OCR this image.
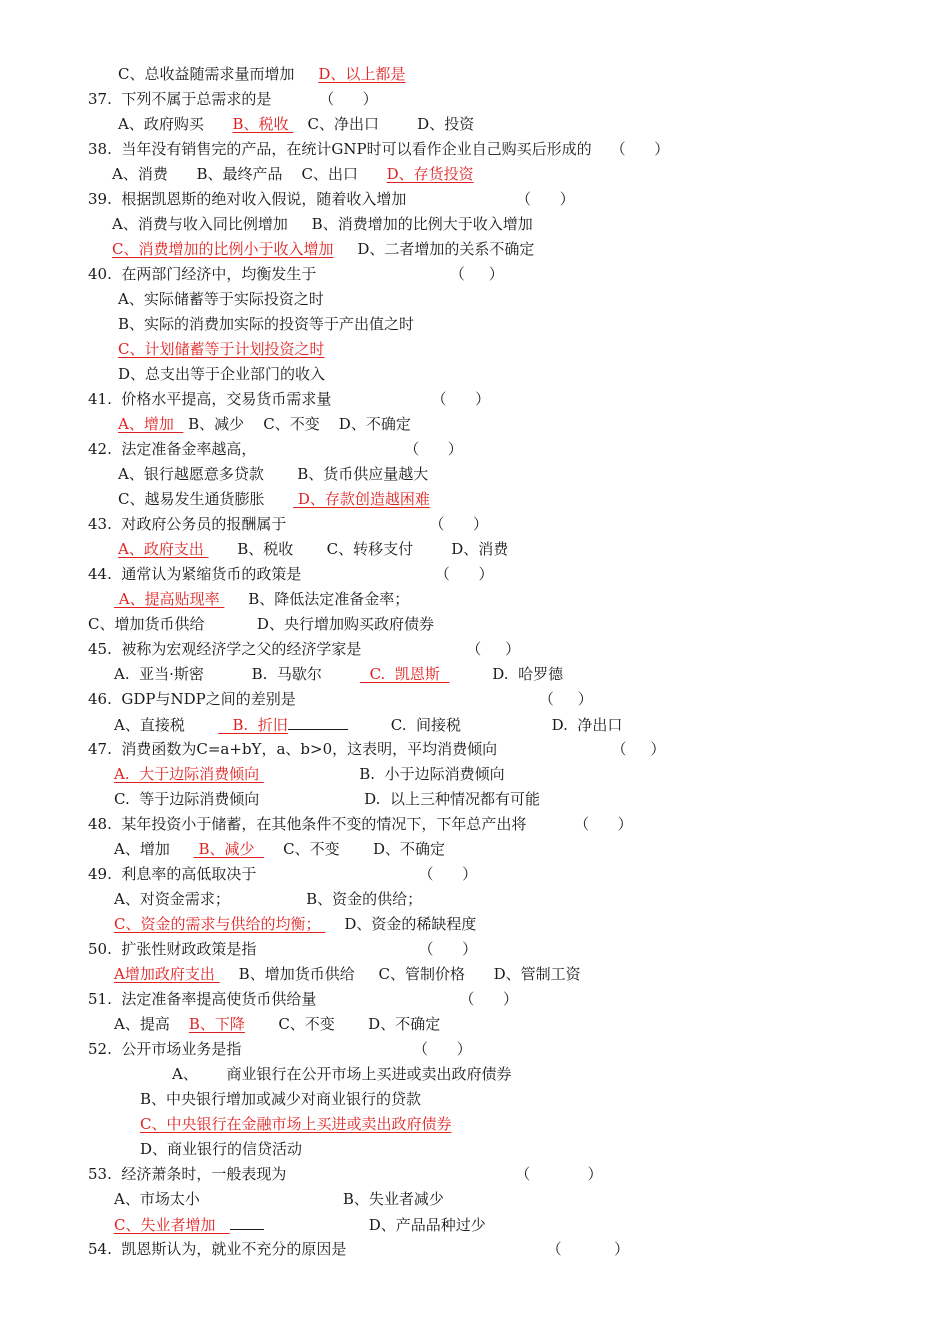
C、总收益随需求量而增加     D、以上都是
37.  下列不属于总需求的是          （      ）
A、政府购买      B、税收    C、净出口        D、投资
38.  当年没有销售完的产品，在统计GNP时可以看作企业自己购买后形成的    （      ）
A、消费      B、最终产品    C、出口      D、存货投资
39.  根据凯恩斯的绝对收入假说，随着收入增加                       （      ）
A、消费与收入同比例增加     B、消费增加的比例大于收入增加
C、消费增加的比例小于收入增加     D、二者增加的关系不确定
40.  在两部门经济中，均衡发生于                            （     ）
A、实际储蓄等于实际投资之时
B、实际的消费加实际的投资等于产出值之时
C、计划储蓄等于计划投资之时
D、总支出等于企业部门的收入
41.  价格水平提高，交易货币需求量                     （      ）
A、增加   B、减少    C、不变    D、不确定
42.  法定准备金率越高，                               （      ）
A、银行越愿意多贷款       B、货币供应量越大
C、越易发生通货膨胀       D、存款创造越困难
43.  对政府公务员的报酬属于                              （      ）
A、政府支出       B、税收       C、转移支付        D、消费
44.  通常认为紧缩货币的政策是                            （      ）
A、提高贴现率      B、降低法定准备金率；
C、增加货币供给           D、央行增加购买政府债券
45.  被称为宏观经济学之父的经济学家是                      （     ）
A.  亚当·斯密          B.  马歇尔          C.  凯恩斯           D.  哈罗德
46.  GDP与NDP之间的差别是                                                   （     ）
A、直接税          B.  折旧	C.  间接税                   D.  净出口
47.  消费函数为C=a+bY，a、b>0，这表明，平均消费倾向                        （     ）
A.  大于边际消费倾向                     B.  小于边际消费倾向
C.  等于边际消费倾向                      D.  以上三种情况都有可能
48.  某年投资小于储蓄，在其他条件不变的情况下，下年总产出将          （      ）
A、增加      B、减少      C、不变       D、不确定
49.  利息率的高低取决于                                  （      ）
A、对资金需求；                B、资金的供给；
C、资金的需求与供给的均衡；     D、资金的稀缺程度
50.  扩张性财政政策是指                                  （      ）
A增加政府支出     B、增加货币供给     C、管制价格      D、管制工资
51.  法定准备率提高使货币供给量                              （      ）
A、提高    B、下降       C、不变       D、不确定
52.  公开市场业务是指                                    （      ）
A、      商业银行在公开市场上买进或卖出政府债券
B、中央银行增加或减少对商业银行的贷款
C、中央银行在金融市场上买进或卖出政府债券
D、商业银行的信贷活动
53.  经济萧条时，一般表现为                                                （            ）
A、市场太小                              B、失业者减少
C、失业者增加                         D、产品品种过少
54.  凯恩斯认为，就业不充分的原因是                                          （           ）
